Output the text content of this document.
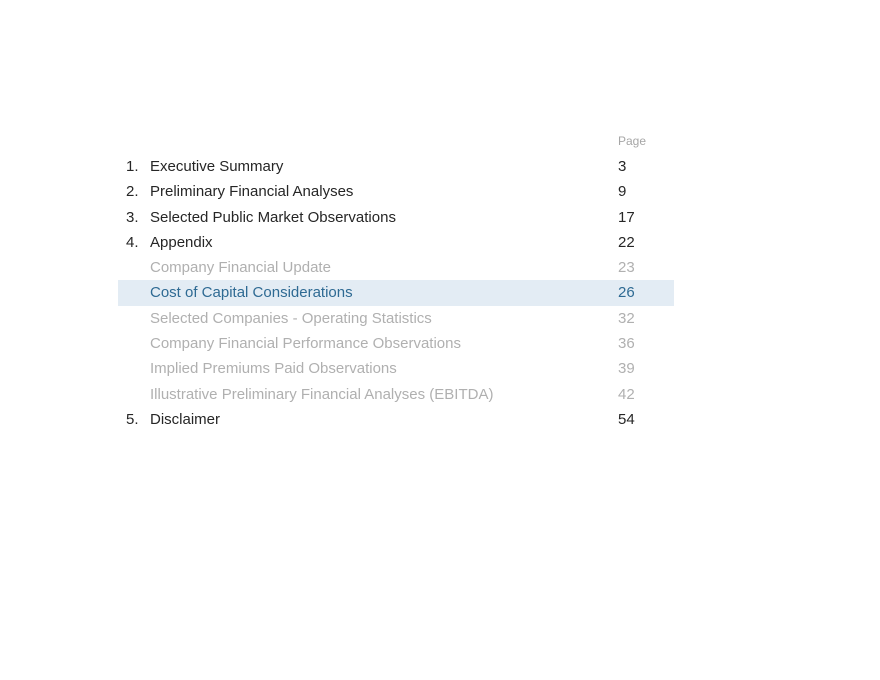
Page
1. Executive Summary	3
2. Preliminary Financial Analyses	9
3. Selected Public Market Observations	17
4. Appendix	22
Company Financial Update	23
Cost of Capital Considerations	26
Selected Companies - Operating Statistics	32
Company Financial Performance Observations	36
Implied Premiums Paid Observations	39
Illustrative Preliminary Financial Analyses (EBITDA)	42
5. Disclaimer	54
